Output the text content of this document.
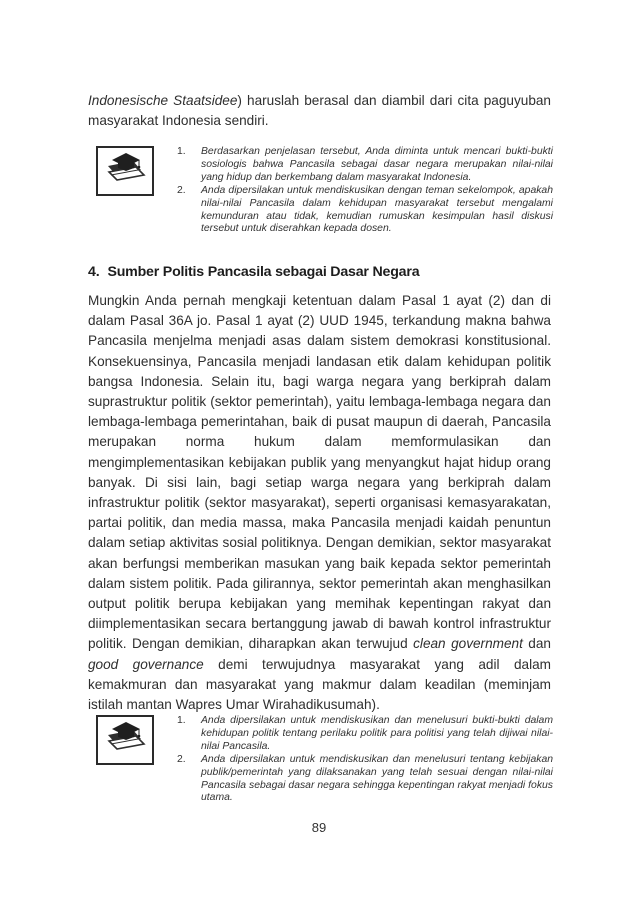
Indonesische Staatsidee) haruslah berasal dan diambil dari cita paguyuban masyarakat Indonesia sendiri.

1. Berdasarkan penjelasan tersebut, Anda diminta untuk mencari bukti-bukti sosiologis bahwa Pancasila sebagai dasar negara merupakan nilai-nilai yang hidup dan berkembang dalam masyarakat Indonesia.
2. Anda dipersilakan untuk mendiskusikan dengan teman sekelompok, apakah nilai-nilai Pancasila dalam kehidupan masyarakat tersebut mengalami kemunduran atau tidak, kemudian rumuskan kesimpulan hasil diskusi tersebut untuk diserahkan kepada dosen.
4. Sumber Politis Pancasila sebagai Dasar Negara

Mungkin Anda pernah mengkaji ketentuan dalam Pasal 1 ayat (2) dan di dalam Pasal 36A jo. Pasal 1 ayat (2) UUD 1945, terkandung makna bahwa Pancasila menjelma menjadi asas dalam sistem demokrasi konstitusional. Konsekuensinya, Pancasila menjadi landasan etik dalam kehidupan politik bangsa Indonesia. Selain itu, bagi warga negara yang berkiprah dalam suprastruktur politik (sektor pemerintah), yaitu lembaga-lembaga negara dan lembaga-lembaga pemerintahan, baik di pusat maupun di daerah, Pancasila merupakan norma hukum dalam memformulasikan dan mengimplementasikan kebijakan publik yang menyangkut hajat hidup orang banyak. Di sisi lain, bagi setiap warga negara yang berkiprah dalam infrastruktur politik (sektor masyarakat), seperti organisasi kemasyarakatan, partai politik, dan media massa, maka Pancasila menjadi kaidah penuntun dalam setiap aktivitas sosial politiknya. Dengan demikian, sektor masyarakat akan berfungsi memberikan masukan yang baik kepada sektor pemerintah dalam sistem politik. Pada gilirannya, sektor pemerintah akan menghasilkan output politik berupa kebijakan yang memihak kepentingan rakyat dan diimplementasikan secara bertanggung jawab di bawah kontrol infrastruktur politik. Dengan demikian, diharapkan akan terwujud clean government dan good governance demi terwujudnya masyarakat yang adil dalam kemakmuran dan masyarakat yang makmur dalam keadilan (meminjam istilah mantan Wapres Umar Wirahadikusumah).

1. Anda dipersilakan untuk mendiskusikan dan menelusuri bukti-bukti dalam kehidupan politik tentang perilaku politik para politisi yang telah dijiwai nilai-nilai Pancasila.
2. Anda dipersilakan untuk mendiskusikan dan menelusuri tentang kebijakan publik/pemerintah yang dilaksanakan yang telah sesuai dengan nilai-nilai Pancasila sebagai dasar negara sehingga kepentingan rakyat menjadi fokus utama.
89
